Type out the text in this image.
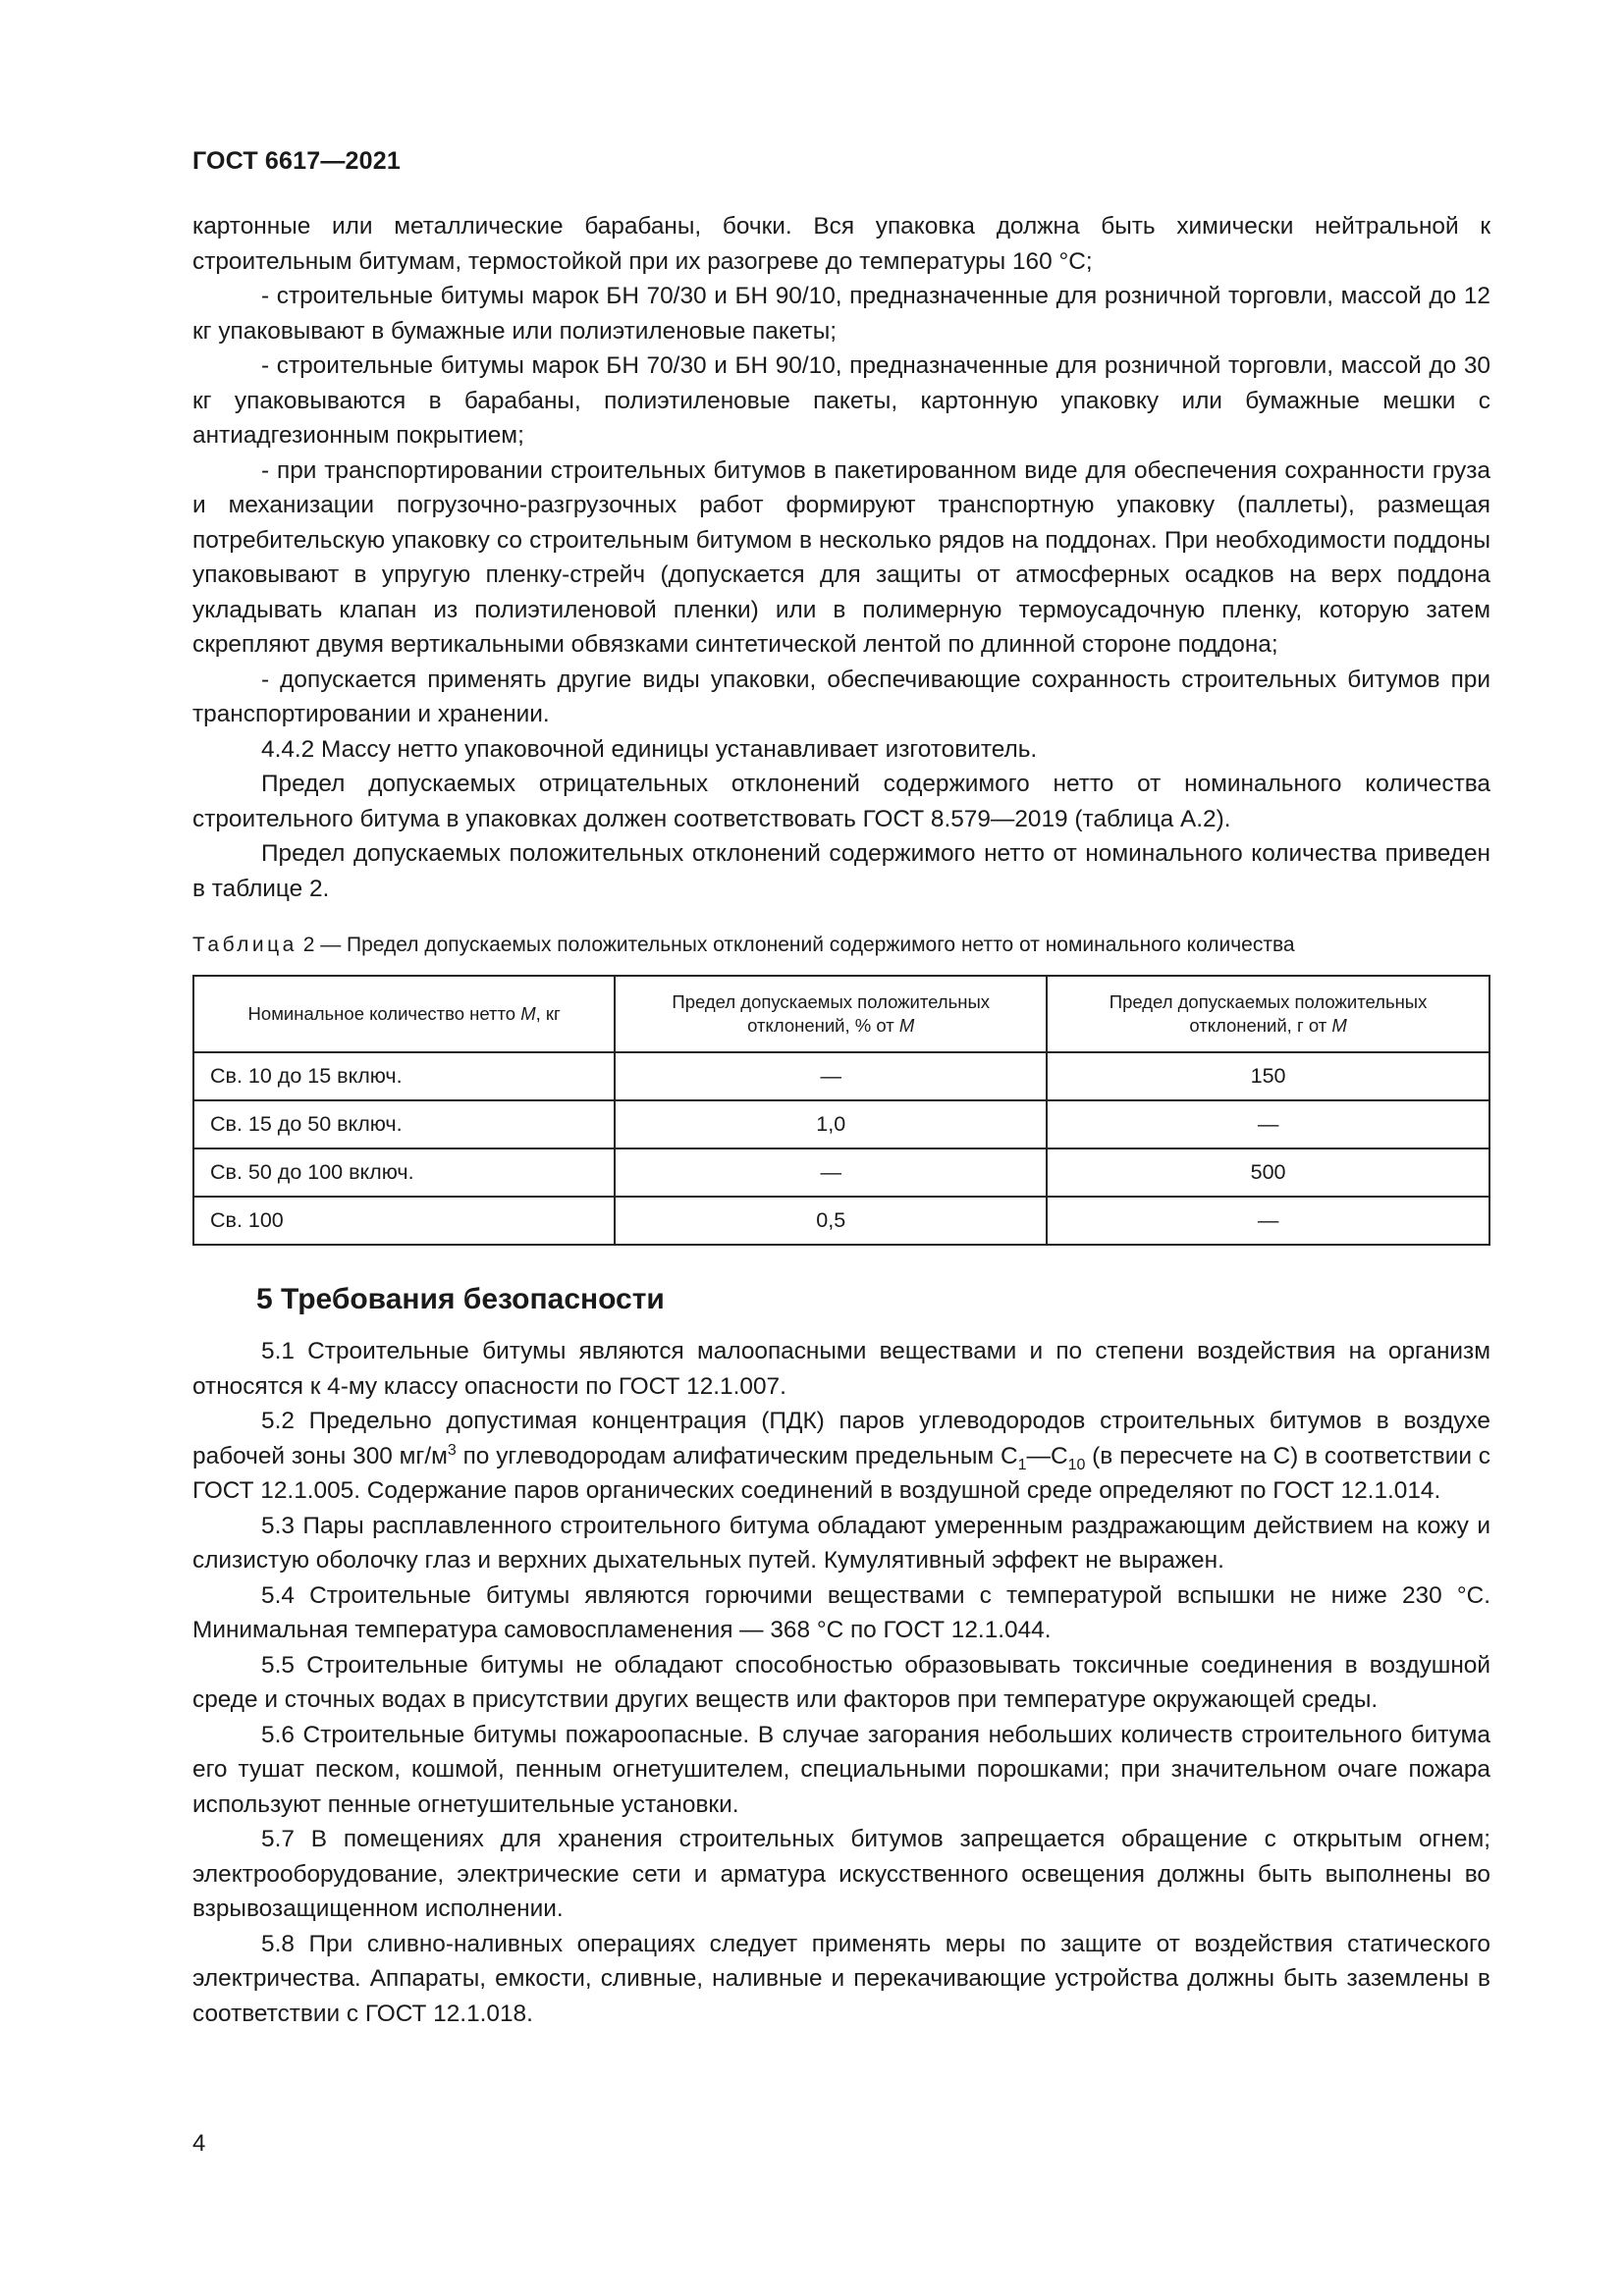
ГОСТ 6617—2021

картонные или металлические барабаны, бочки. Вся упаковка должна быть химически нейтральной к строительным битумам, термостойкой при их разогреве до температуры 160 °С;

- строительные битумы марок БН 70/30 и БН 90/10, предназначенные для розничной торговли, массой до 12 кг упаковывают в бумажные или полиэтиленовые пакеты;

- строительные битумы марок БН 70/30 и БН 90/10, предназначенные для розничной торговли, массой до 30 кг упаковываются в барабаны, полиэтиленовые пакеты, картонную упаковку или бумажные мешки с антиадгезионным покрытием;

- при транспортировании строительных битумов в пакетированном виде для обеспечения сохранности груза и механизации погрузочно-разгрузочных работ формируют транспортную упаковку (паллеты), размещая потребительскую упаковку со строительным битумом в несколько рядов на поддонах. При необходимости поддоны упаковывают в упругую пленку-стрейч (допускается для защиты от атмосферных осадков на верх поддона укладывать клапан из полиэтиленовой пленки) или в полимерную термоусадочную пленку, которую затем скрепляют двумя вертикальными обвязками синтетической лентой по длинной стороне поддона;

- допускается применять другие виды упаковки, обеспечивающие сохранность строительных битумов при транспортировании и хранении.

4.4.2 Массу нетто упаковочной единицы устанавливает изготовитель.

Предел допускаемых отрицательных отклонений содержимого нетто от номинального количества строительного битума в упаковках должен соответствовать ГОСТ 8.579—2019 (таблица А.2).

Предел допускаемых положительных отклонений содержимого нетто от номинального количества приведен в таблице 2.

Таблица 2 — Предел допускаемых положительных отклонений содержимого нетто от номинального количества
Номинальное количество нетто М, кг	Предел допускаемых положительных отклонений, % от М	Предел допускаемых положительных отклонений, г от М
Св. 10 до 15 включ.	—	150
Св. 15 до 50 включ.	1,0	—
Св. 50 до 100 включ.	—	500
Св. 100	0,5	—
5 Требования безопасности

5.1 Строительные битумы являются малоопасными веществами и по степени воздействия на организм относятся к 4-му классу опасности по ГОСТ 12.1.007.

5.2 Предельно допустимая концентрация (ПДК) паров углеводородов строительных битумов в воздухе рабочей зоны 300 $мг/м^3$ по углеводородам алифатическим предельным $С_1—С_{10}$ (в пересчете на С) в соответствии с ГОСТ 12.1.005. Содержание паров органических соединений в воздушной среде определяют по ГОСТ 12.1.014.

5.3 Пары расплавленного строительного битума обладают умеренным раздражающим действием на кожу и слизистую оболочку глаз и верхних дыхательных путей. Кумулятивный эффект не выражен.

5.4 Строительные битумы являются горючими веществами с температурой вспышки не ниже 230 °С. Минимальная температура самовоспламенения — 368 °С по ГОСТ 12.1.044.

5.5 Строительные битумы не обладают способностью образовывать токсичные соединения в воздушной среде и сточных водах в присутствии других веществ или факторов при температуре окружающей среды.

5.6 Строительные битумы пожароопасные. В случае загорания небольших количеств строительного битума его тушат песком, кошмой, пенным огнетушителем, специальными порошками; при значительном очаге пожара используют пенные огнетушительные установки.

5.7 В помещениях для хранения строительных битумов запрещается обращение с открытым огнем; электрооборудование, электрические сети и арматура искусственного освещения должны быть выполнены во взрывозащищенном исполнении.

5.8 При сливно-наливных операциях следует применять меры по защите от воздействия статического электричества. Аппараты, емкости, сливные, наливные и перекачивающие устройства должны быть заземлены в соответствии с ГОСТ 12.1.018.

4
